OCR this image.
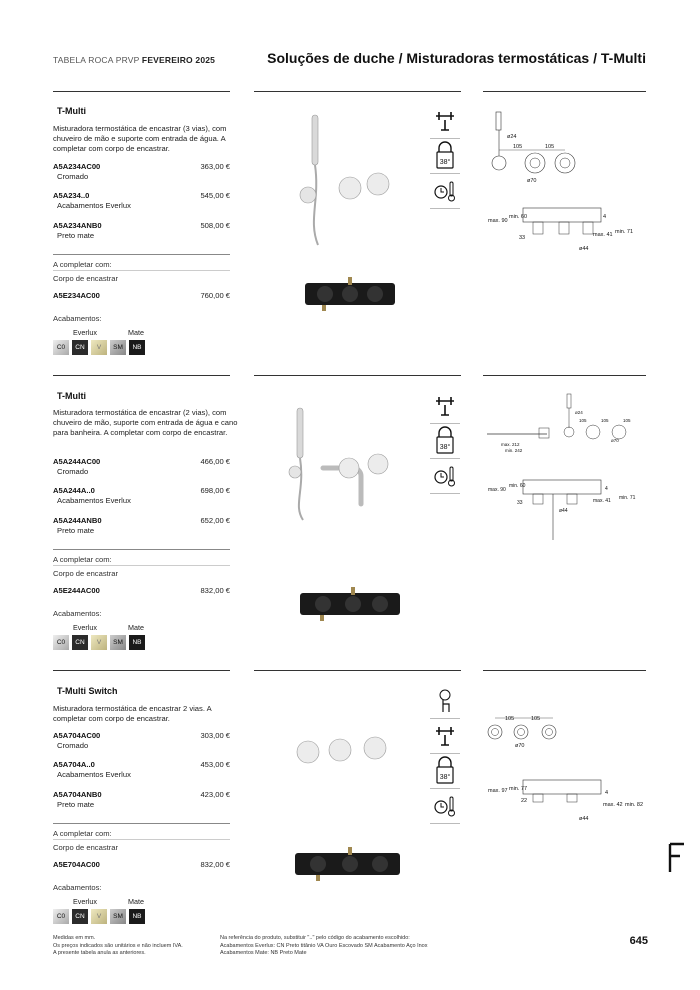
TABELA ROCA PRVP FEVEREIRO 2025	Soluções de duche / Misturadoras termostáticas / T-Multi
T-Multi
Misturadora termostática de encastrar (3 vias), com chuveiro de mão e suporte com entrada de água. A completar com corpo de encastrar.
A5A234AC00	363,00 €
Cromado
A5A234..0	545,00 €
Acabamentos Everlux
A5A234ANB0	508,00 €
Preto mate
A completar com:
Corpo de encastrar
A5E234AC00	760,00 €
Acabamentos:
Everlux	Mate
C0	CN	V	SM	NB
38°
ø24
105	105
ø70
min. 60
max. 90
4
max. 41 min. 71
33
ø44
T-Multi
Misturadora termostática de encastrar (2 vias), com chuveiro de mão, suporte com entrada de água e cano para banheira. A completar com corpo de encastrar.
A5A244AC00	466,00 €
Cromado
A5A244A..0	698,00 €
Acabamentos Everlux
A5A244ANB0	652,00 €
Preto mate
A completar com:
Corpo de encastrar
A5E244AC00	832,00 €
Acabamentos:
Everlux	Mate
C0	CN	V	SM	NB
38°
ø24
105	105	105
ø70
max. 212
min. 242
min. 60
max. 90	4
max. 41 min. 71
33
ø44
T-Multi Switch
Misturadora termostática de encastrar 2 vias. A completar com corpo de encastrar.
A5A704AC00	303,00 €
Cromado
A5A704A..0	453,00 €
Acabamentos Everlux
A5A704ANB0	423,00 €
Preto mate
A completar com:
Corpo de encastrar
A5E704AC00	832,00 €
Acabamentos:
Everlux	Mate
C0	CN	V	SM	NB
38°
105	105
ø70
min. 77
max. 97	4
max. 42 min. 82
22
ø44
Medidas em mm.
Os preços indicados são unitários e não incluem IVA.
A presente tabela anula as anteriores.
Na referência do produto, substituir ".." pelo código do acabamento escolhido:
Acabamentos Everlux: CN Preto titânio VA Ouro Escovado SM Acabamento Aço Inox
Acabamentos Mate: NB Preto Mate
645
